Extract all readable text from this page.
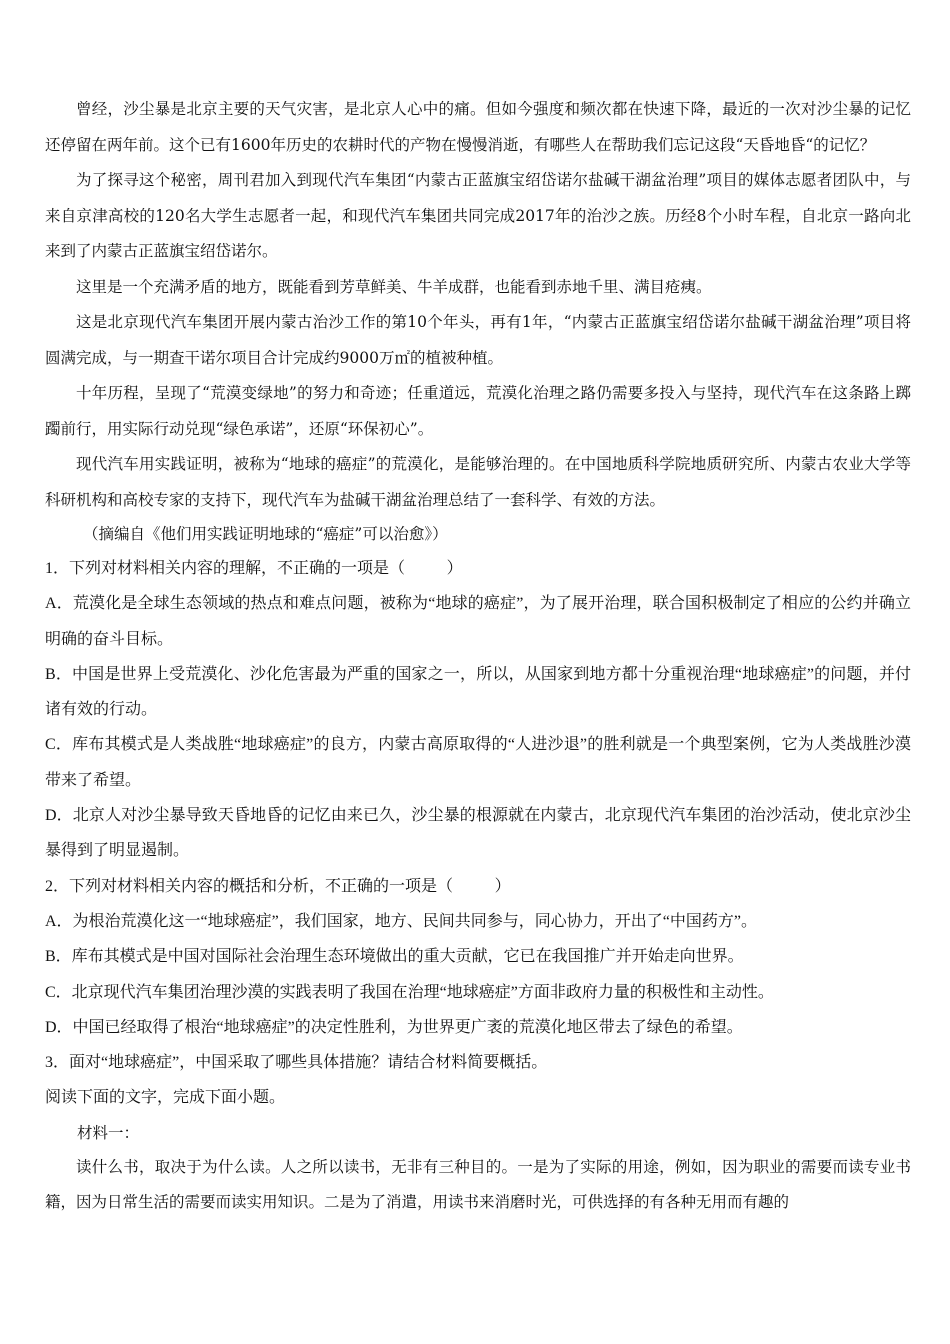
曾经，沙尘暴是北京主要的天气灾害，是北京人心中的痛。但如今强度和频次都在快速下降，最近的一次对沙尘暴的记忆还停留在两年前。这个已有1600年历史的农耕时代的产物在慢慢消逝，有哪些人在帮助我们忘记这段“天昏地昏“的记忆？

为了探寻这个秘密，周刊君加入到现代汽车集团“内蒙古正蓝旗宝绍岱诺尔盐碱干湖盆治理”项目的媒体志愿者团队中，与来自京津高校的120名大学生志愿者一起，和现代汽车集团共同完成2017年的治沙之族。历经8个小时车程，自北京一路向北来到了内蒙古正蓝旗宝绍岱诺尔。

这里是一个充满矛盾的地方，既能看到芳草鲜美、牛羊成群，也能看到赤地千里、满目疮痍。

这是北京现代汽车集团开展内蒙古治沙工作的第10个年头，再有1年，“内蒙古正蓝旗宝绍岱诺尔盐碱干湖盆治理”项目将圆满完成，与一期查干诺尔项目合计完成约9000万㎡的植被种植。

十年历程，呈现了“荒漠变绿地”的努力和奇迹；任重道远，荒漠化治理之路仍需要多投入与坚持，现代汽车在这条路上踯躅前行，用实际行动兑现“绿色承诺”，还原“环保初心”。

现代汽车用实践证明，被称为“地球的癌症”的荒漠化，是能够治理的。在中国地质科学院地质研究所、内蒙古农业大学等科研机构和高校专家的支持下，现代汽车为盐碱干湖盆治理总结了一套科学、有效的方法。

（摘编自《他们用实践证明地球的“癌症”可以治愈》）

1．下列对材料相关内容的理解，不正确的一项是（	）

A．荒漠化是全球生态领域的热点和难点问题，被称为“地球的癌症”，为了展开治理，联合国积极制定了相应的公约并确立明确的奋斗目标。

B．中国是世界上受荒漠化、沙化危害最为严重的国家之一，所以，从国家到地方都十分重视治理“地球癌症”的问题，并付诸有效的行动。

C．库布其模式是人类战胜“地球癌症”的良方，内蒙古高原取得的“人进沙退”的胜利就是一个典型案例，它为人类战胜沙漠带来了希望。

D．北京人对沙尘暴导致天昏地昏的记忆由来已久，沙尘暴的根源就在内蒙古，北京现代汽车集团的治沙活动，使北京沙尘暴得到了明显遏制。

2．下列对材料相关内容的概括和分析，不正确的一项是（	）

A．为根治荒漠化这一“地球癌症”，我们国家，地方、民间共同参与，同心协力，开出了“中国药方”。

B．库布其模式是中国对国际社会治理生态环境做出的重大贡献，它已在我国推广并开始走向世界。

C．北京现代汽车集团治理沙漠的实践表明了我国在治理“地球癌症”方面非政府力量的积极性和主动性。

D．中国已经取得了根治“地球癌症”的决定性胜利，为世界更广袤的荒漠化地区带去了绿色的希望。

3．面对“地球癌症”，中国采取了哪些具体措施？请结合材料简要概括。

阅读下面的文字，完成下面小题。

材料一：

读什么书，取决于为什么读。人之所以读书，无非有三种目的。一是为了实际的用途，例如，因为职业的需要而读专业书籍，因为日常生活的需要而读实用知识。二是为了消遣，用读书来消磨时光，可供选择的有各种无用而有趣的
